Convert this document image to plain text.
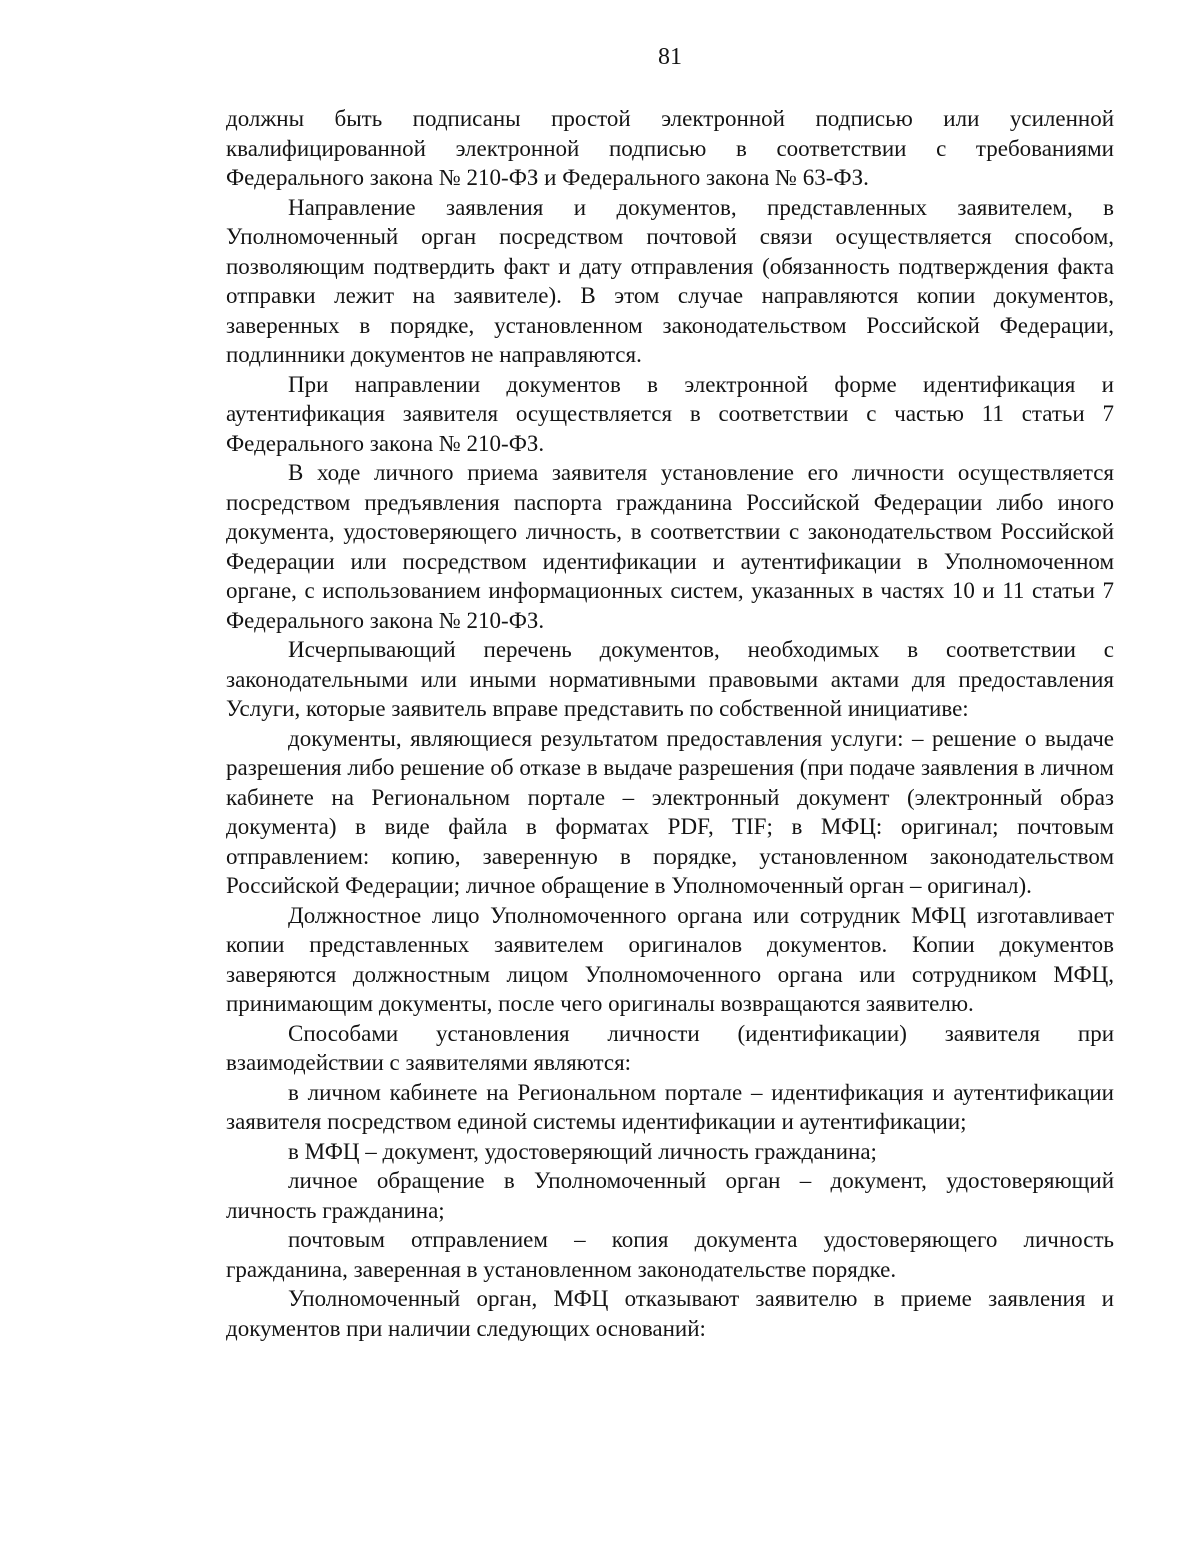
81

должны быть подписаны простой электронной подписью или усиленной квалифицированной электронной подписью в соответствии с требованиями Федерального закона № 210-ФЗ и Федерального закона № 63-ФЗ.

Направление заявления и документов, представленных заявителем, в Уполномоченный орган посредством почтовой связи осуществляется способом, позволяющим подтвердить факт и дату отправления (обязанность подтверждения факта отправки лежит на заявителе). В этом случае направляются копии документов, заверенных в порядке, установленном законодательством Российской Федерации, подлинники документов не направляются.

При направлении документов в электронной форме идентификация и аутентификация заявителя осуществляется в соответствии с частью 11 статьи 7 Федерального закона № 210-ФЗ.

В ходе личного приема заявителя установление его личности осуществляется посредством предъявления паспорта гражданина Российской Федерации либо иного документа, удостоверяющего личность, в соответствии с законодательством Российской Федерации или посредством идентификации и аутентификации в Уполномоченном органе, с использованием информационных систем, указанных в частях 10 и 11 статьи 7 Федерального закона № 210-ФЗ.

Исчерпывающий перечень документов, необходимых в соответствии с законодательными или иными нормативными правовыми актами для предоставления Услуги, которые заявитель вправе представить по собственной инициативе:

документы, являющиеся результатом предоставления услуги: – решение о выдаче разрешения либо решение об отказе в выдаче разрешения (при подаче заявления в личном кабинете на Региональном портале – электронный документ (электронный образ документа) в виде файла в форматах PDF, TIF; в МФЦ: оригинал; почтовым отправлением: копию, заверенную в порядке, установленном законодательством Российской Федерации; личное обращение в Уполномоченный орган – оригинал).

Должностное лицо Уполномоченного органа или сотрудник МФЦ изготавливает копии представленных заявителем оригиналов документов. Копии документов заверяются должностным лицом Уполномоченного органа или сотрудником МФЦ, принимающим документы, после чего оригиналы возвращаются заявителю.

Способами установления личности (идентификации) заявителя при взаимодействии с заявителями являются:

в личном кабинете на Региональном портале – идентификация и аутентификации заявителя посредством единой системы идентификации и аутентификации;

в МФЦ – документ, удостоверяющий личность гражданина;

личное обращение в Уполномоченный орган – документ, удостоверяющий личность гражданина;

почтовым отправлением – копия документа удостоверяющего личность гражданина, заверенная в установленном законодательстве порядке.

Уполномоченный орган, МФЦ отказывают заявителю в приеме заявления и документов при наличии следующих оснований:
